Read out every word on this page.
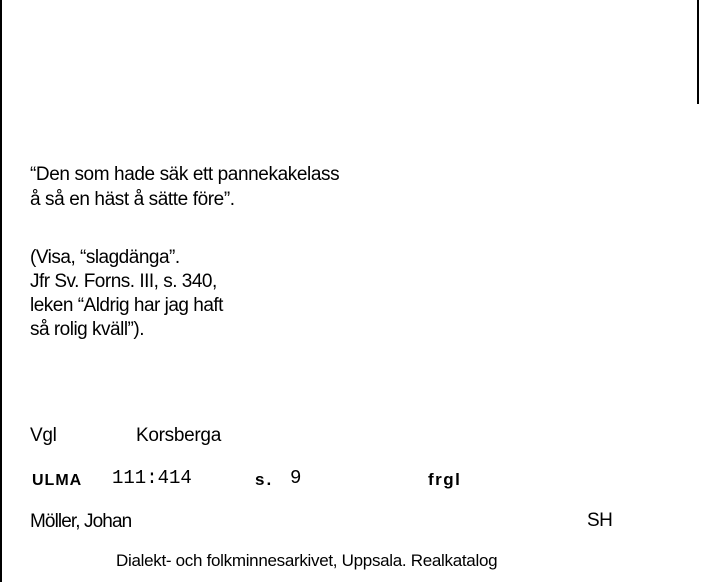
“Den som hade säk ett pannekakelass
å så en häst å sätte före”.
(Visa, “slagdänga”.
Jfr Sv. Forns. III, s. 340,
leken “Aldrig har jag haft
så rolig kväll”).
Vgl	Korsberga
ULMA 111:414	s. 9	frgl
Möller, Johan	SH
Dialekt- och folkminnesarkivet, Uppsala. Realkatalog
